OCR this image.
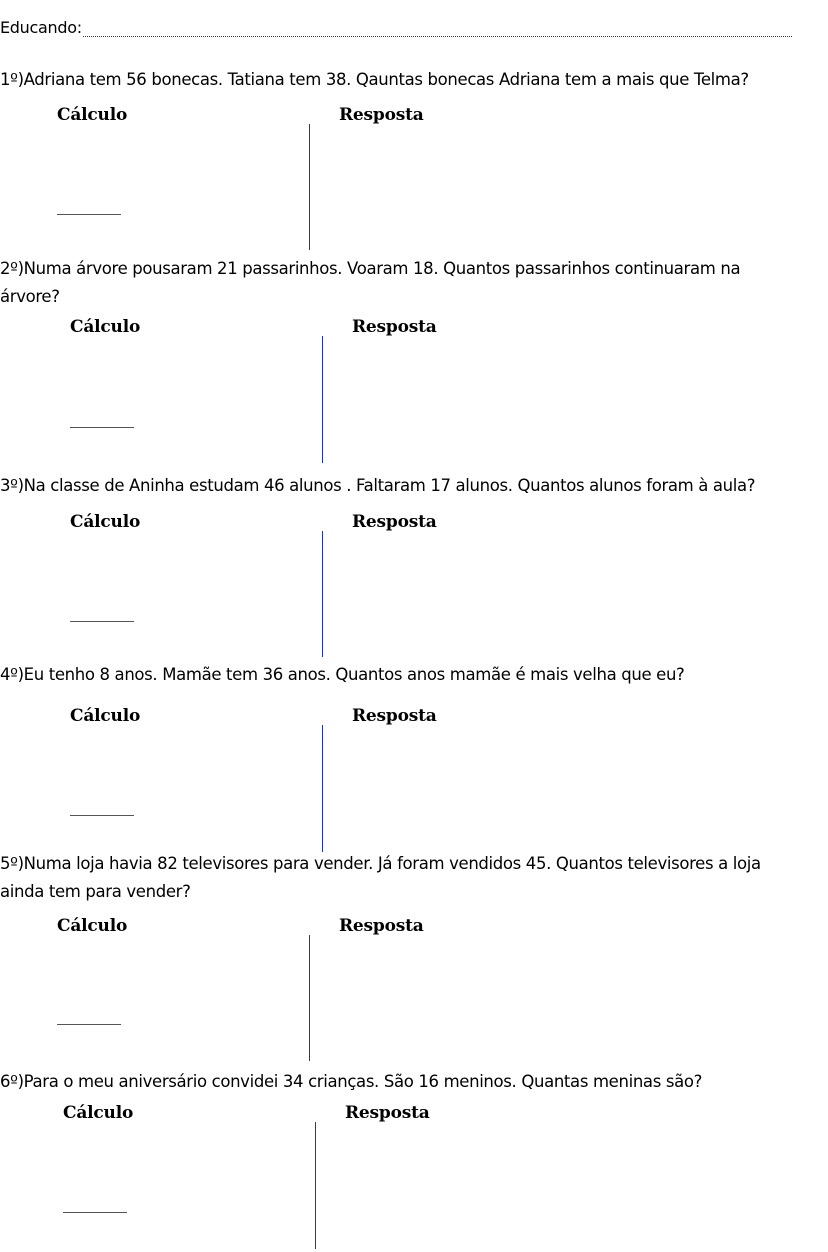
Educando:
1º)Adriana tem 56 bonecas. Tatiana tem 38. Qauntas bonecas Adriana tem a mais que Telma?
Cálculo	Resposta
2º)Numa árvore pousaram 21 passarinhos. Voaram 18. Quantos passarinhos continuaram na árvore?
Cálculo	Resposta
3º)Na classe de Aninha estudam 46 alunos . Faltaram 17 alunos. Quantos alunos foram à aula?
Cálculo	Resposta
4º)Eu tenho 8 anos. Mamãe tem 36 anos. Quantos anos mamãe é mais velha que eu?
Cálculo	Resposta
5º)Numa loja havia 82 televisores para vender. Já foram vendidos 45. Quantos televisores a loja ainda tem para vender?
Cálculo	Resposta
6º)Para o meu aniversário convidei 34 crianças. São 16 meninos. Quantas meninas são?
Cálculo	Resposta
